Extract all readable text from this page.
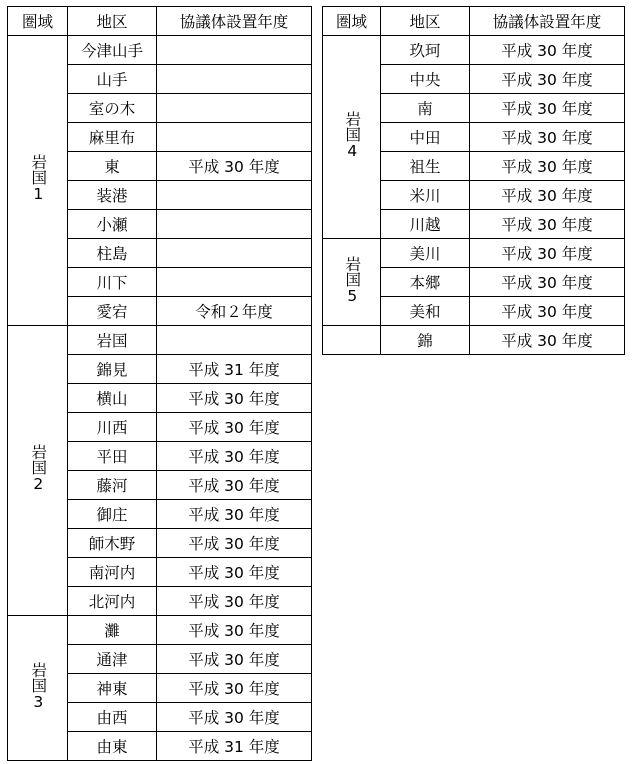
圏域	地区	協議体設置年度
岩国1	今津山手	
	山手	
	室の木	
	麻里布	
	東	平成 30 年度
	装港	
	小瀬	
	柱島	
	川下	
	愛宕	令和２年度
岩国2	岩国	
	錦見	平成 31 年度
	横山	平成 30 年度
	川西	平成 30 年度
	平田	平成 30 年度
	藤河	平成 30 年度
	御庄	平成 30 年度
	師木野	平成 30 年度
	南河内	平成 30 年度
	北河内	平成 30 年度
岩国3	灘	平成 30 年度
	通津	平成 30 年度
	神東	平成 30 年度
	由西	平成 30 年度
	由東	平成 31 年度
圏域	地区	協議体設置年度
岩国4	玖珂	平成 30 年度
	中央	平成 30 年度
	南	平成 30 年度
	中田	平成 30 年度
	祖生	平成 30 年度
	米川	平成 30 年度
	川越	平成 30 年度
岩国5	美川	平成 30 年度
	本郷	平成 30 年度
	美和	平成 30 年度
	錦	平成 30 年度
